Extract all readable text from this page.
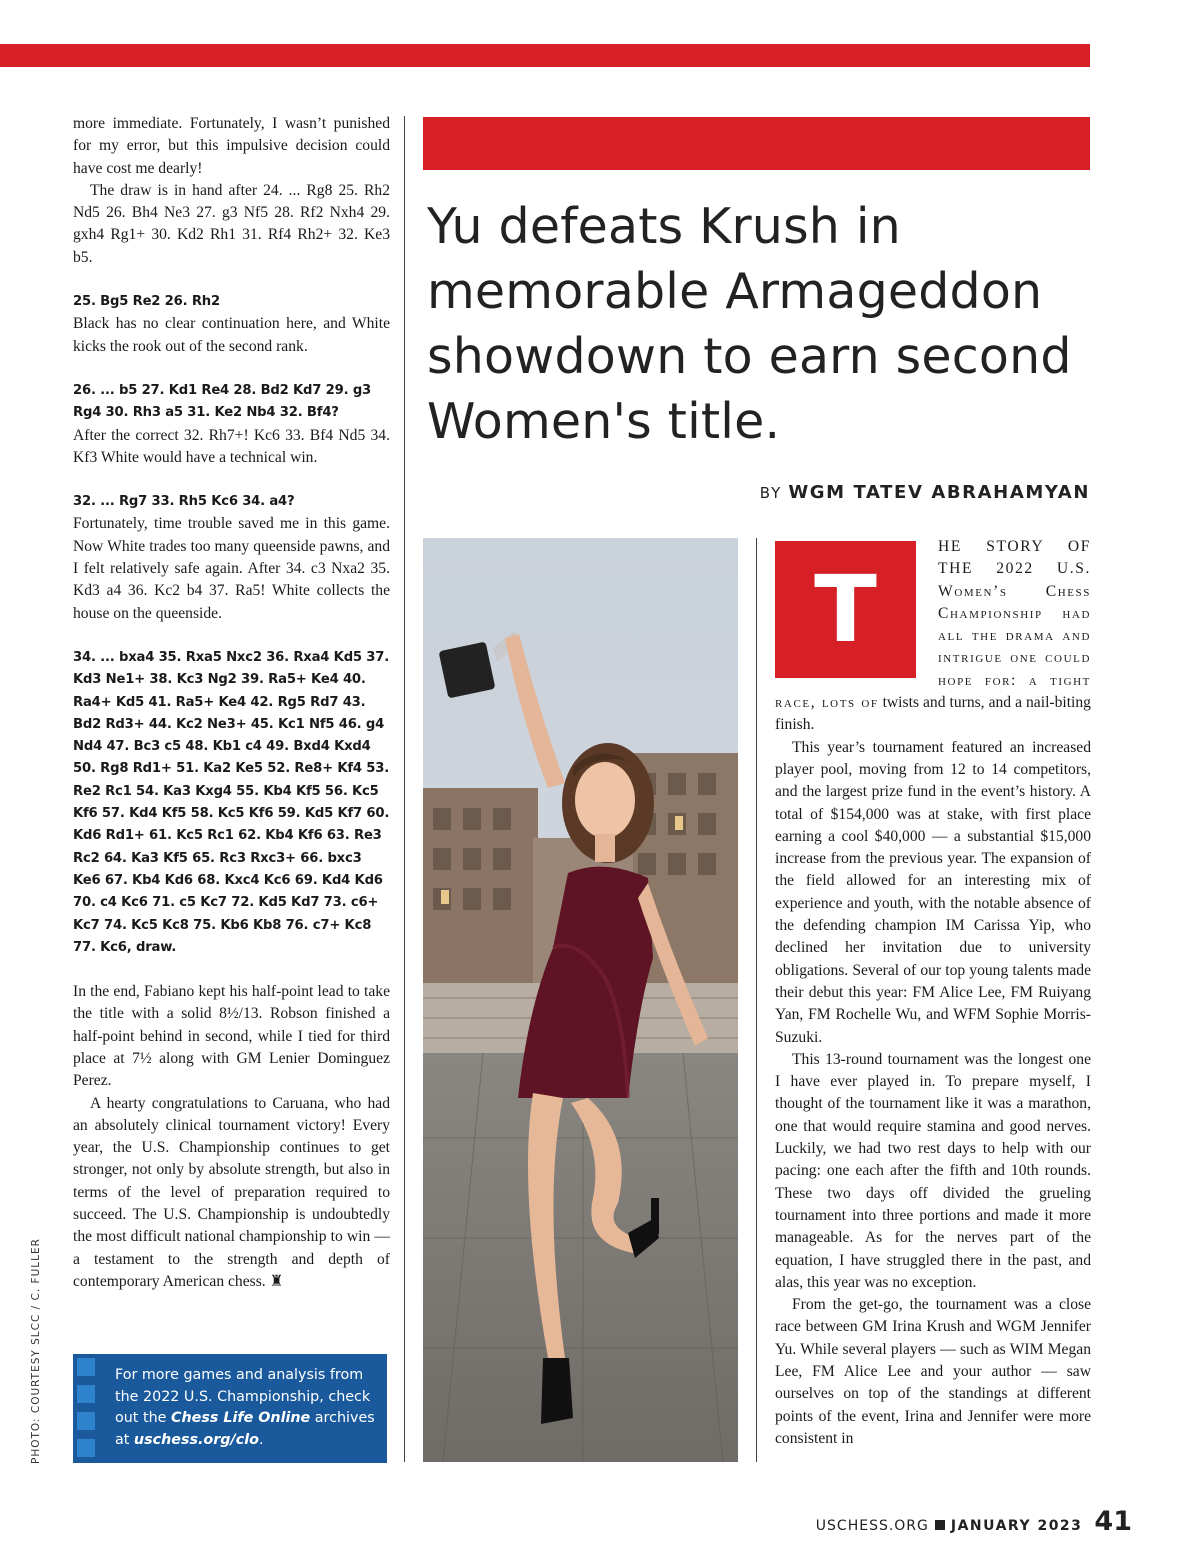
more immediate. Fortunately, I wasn’t punished for my error, but this impulsive decision could have cost me dearly!

The draw is in hand after 24. ... Rg8 25. Rh2 Nd5 26. Bh4 Ne3 27. g3 Nf5 28. Rf2 Nxh4 29. gxh4 Rg1+ 30. Kd2 Rh1 31. Rf4 Rh2+ 32. Ke3 b5.

25. Bg5 Re2 26. Rh2

Black has no clear continuation here, and White kicks the rook out of the second rank.

26. ... b5 27. Kd1 Re4 28. Bd2 Kd7 29. g3 Rg4 30. Rh3 a5 31. Ke2 Nb4 32. Bf4?

After the correct 32. Rh7+! Kc6 33. Bf4 Nd5 34. Kf3 White would have a technical win.

32. ... Rg7 33. Rh5 Kc6 34. a4?

Fortunately, time trouble saved me in this game. Now White trades too many queenside pawns, and I felt relatively safe again. After 34. c3 Nxa2 35. Kd3 a4 36. Kc2 b4 37. Ra5! White collects the house on the queenside.

34. ... bxa4 35. Rxa5 Nxc2 36. Rxa4 Kd5 37. Kd3 Ne1+ 38. Kc3 Ng2 39. Ra5+ Ke4 40. Ra4+ Kd5 41. Ra5+ Ke4 42. Rg5 Rd7 43. Bd2 Rd3+ 44. Kc2 Ne3+ 45. Kc1 Nf5 46. g4 Nd4 47. Bc3 c5 48. Kb1 c4 49. Bxd4 Kxd4 50. Rg8 Rd1+ 51. Ka2 Ke5 52. Re8+ Kf4 53. Re2 Rc1 54. Ka3 Kxg4 55. Kb4 Kf5 56. Kc5 Kf6 57. Kd4 Kf5 58. Kc5 Kf6 59. Kd5 Kf7 60. Kd6 Rd1+ 61. Kc5 Rc1 62. Kb4 Kf6 63. Re3 Rc2 64. Ka3 Kf5 65. Rc3 Rxc3+ 66. bxc3 Ke6 67. Kb4 Kd6 68. Kxc4 Kc6 69. Kd4 Kd6 70. c4 Kc6 71. c5 Kc7 72. Kd5 Kd7 73. c6+ Kc7 74. Kc5 Kc8 75. Kb6 Kb8 76. c7+ Kc8 77. Kc6, draw.

In the end, Fabiano kept his half-point lead to take the title with a solid 8½/13. Robson finished a half-point behind in second, while I tied for third place at 7½ along with GM Lenier Dominguez Perez.

A hearty congratulations to Caruana, who had an absolutely clinical tournament victory! Every year, the U.S. Championship continues to get stronger, not only by absolute strength, but also in terms of the level of preparation required to succeed. The U.S. Championship is undoubtedly the most difficult national championship to win — a testament to the strength and depth of contemporary American chess. ♜

For more games and analysis from the 2022 U.S. Championship, check out the Chess Life Online archives at uschess.org/clo.
PHOTO: COURTESY SLCC / C. FULLER
Yu defeats Krush in memorable Armageddon showdown to earn second Women's title.
BY WGM TATEV ABRAHAMYAN
T

HE STORY OF THE 2022 U.S. Women’s Chess Championship had all the drama and intrigue one could hope for: a tight race, lots of twists and turns, and a nail-biting finish.

This year’s tournament featured an increased player pool, moving from 12 to 14 competitors, and the largest prize fund in the event’s history. A total of $154,000 was at stake, with first place earning a cool $40,000 — a substantial $15,000 increase from the previous year. The expansion of the field allowed for an interesting mix of experience and youth, with the notable absence of the defending champion IM Carissa Yip, who declined her invitation due to university obligations. Several of our top young talents made their debut this year: FM Alice Lee, FM Ruiyang Yan, FM Rochelle Wu, and WFM Sophie Morris-Suzuki.

This 13-round tournament was the longest one I have ever played in. To prepare myself, I thought of the tournament like it was a marathon, one that would require stamina and good nerves. Luckily, we had two rest days to help with our pacing: one each after the fifth and 10th rounds. These two days off divided the grueling tournament into three portions and made it more manageable. As for the nerves part of the equation, I have struggled there in the past, and alas, this year was no exception.

From the get-go, the tournament was a close race between GM Irina Krush and WGM Jennifer Yu. While several players — such as WIM Megan Lee, FM Alice Lee and your author — saw ourselves on top of the standings at different points of the event, Irina and Jennifer were more consistent in

USCHESS.ORG JANUARY 2023 41
